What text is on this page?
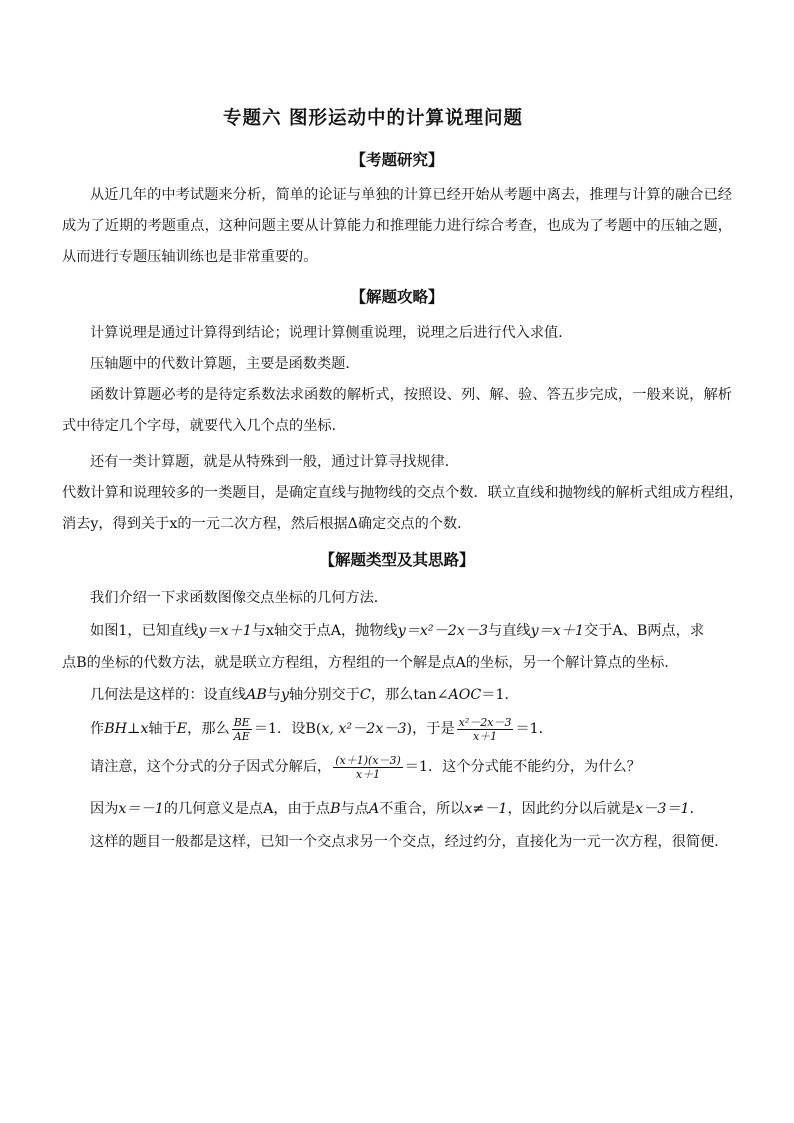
专题六 图形运动中的计算说理问题
【考题研究】
从近几年的中考试题来分析，简单的论证与单独的计算已经开始从考题中离去，推理与计算的融合已经成为了近期的考题重点，这种问题主要从计算能力和推理能力进行综合考查，也成为了考题中的压轴之题，从而进行专题压轴训练也是非常重要的。
【解题攻略】
计算说理是通过计算得到结论；说理计算侧重说理，说理之后进行代入求值．
压轴题中的代数计算题，主要是函数类题．
函数计算题必考的是待定系数法求函数的解析式，按照设、列、解、验、答五步完成，一般来说，解析式中待定几个字母，就要代入几个点的坐标．
还有一类计算题，就是从特殊到一般，通过计算寻找规律．
代数计算和说理较多的一类题目，是确定直线与抛物线的交点个数．联立直线和抛物线的解析式组成方程组，
消去y，得到关于x的一元二次方程，然后根据Δ确定交点的个数．
【解题类型及其思路】
我们介绍一下求函数图像交点坐标的几何方法．
如图1，已知直线y＝x＋1与x轴交于点A，抛物线y＝x²－2x－3与直线y＝x＋1交于A、B两点，求
点B的坐标的代数方法，就是联立方程组，方程组的一个解是点A的坐标，另一个解计算点的坐标．
几何法是这样的：设直线AB与y轴分别交于C，那么tan∠AOC＝1．
作BH⊥x轴于E，那么 $\frac{BE}{AE} =1$．设B(x, x²－2x－3)，于是 $\frac{\text{x²－2x－3}}{x+1} =1$．
请注意，这个分式的分子因式分解后， $\frac{(x+1)(x-3)}{x+1} =1$．这个分式能不能约分，为什么？
因为x＝－1的几何意义是点A，由于点B与点A不重合，所以x≠－1，因此约分以后就是x－3＝1．
这样的题目一般都是这样，已知一个交点求另一个交点，经过约分，直接化为一元一次方程，很简便．
